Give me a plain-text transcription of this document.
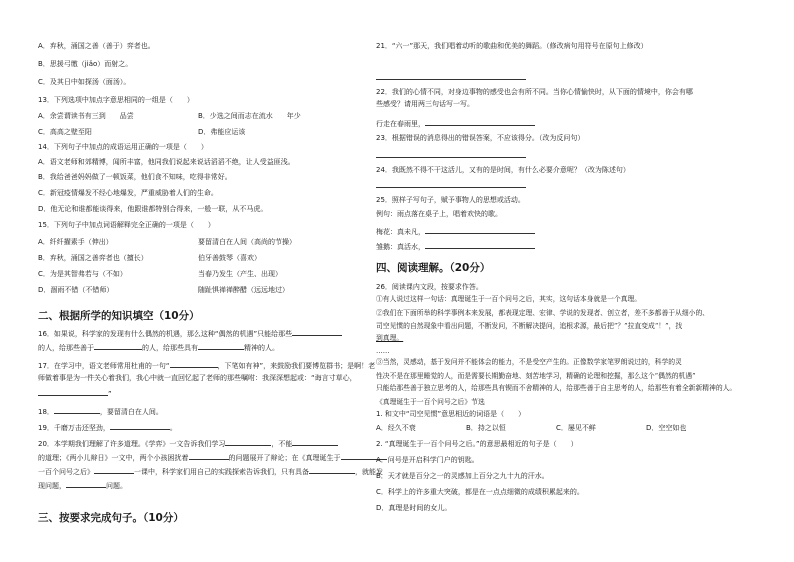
A．弃秋，涌国之善（善于）弈者也。
B．思援弓缴（jiǎo）而射之。
C．及其日中如探汤（面汤）。
13．下列选项中加点字意思相同的一组是（　　）
A．余尝谓读书有三到　　品尝	B．少选之间而志在流水　　年少
C．高高之壁至阳	D．弗能应运该
14．下列句子中加点的成语运用正确的一项是（　　）
A．语文老师和郊精博，闻所丰富，他同我们说起来说话滔滔不绝，让人受益匪浅。
B．我给爸爸妈妈做了一顿饭菜，他们食不知味，吃得非常好。
C．新冠疫情爆发不经心地爆发，严重威胁着人们的生命。
D．他无论和谁都能谈得来，他跟谁都特别合得来，一般一联，从不马虎。
15．下列句子中加点词语解释完全正确的一项是（　　）
A．纤纤擢素手（伸出）	要留清白在人间（高尚的节操）
B．弃秋，涌国之善弈者也（擅长）	伯牙善鼓琴（喜欢）
C．为是其智弗若与（不如）	当春乃发生（产生、出现）
D．涸雨不错（不错师）	随趾惧禅禅醉醋（远远地过）
二、根据所学的知识填空（10分）
16．如果说，科学家的发现有什么偶然的机遇，那么这种“偶然的机遇”只能给那些
的人，给那些善于	的人，给那些具有	精神的人。
17．在学习中，语文老师常用杜甫的一句“	，下笔如有神”，来鼓励我们要博览群书；是啊！老
师做着事是为一件关心着我们，我心中就一直回忆起了老师的那些嘱咐：我深深想起或：“诲言寸草心，
”
18．	，要留清白在人间。
19．千磨万击还坚劲，	。
20．本学期我们理解了许多道理。《学弈》一文告诉我们学习	，不能
的道理；《两小儿辩日》一文中，两个小孩困扰着	的问题展开了辩论；在《真理诞生于
一百个问号之后》	一课中，科学家们用自己的实践探索告诉我们，只有具备	，就能发
现问题，	问题。
三、按要求完成句子。（10分）
21．“六一”那天，我们唱着动听的歌曲和优美的舞蹈。（修改病句用符号在原句上修改）
22．我们的心情不同，对身边事物的感受也会有所不同。当你心情愉快时，从下面的情境中，你会有哪
些感受？请用两三句话写一写。
行走在春雨里，
23．根据错误的消息得出的错误答案，不应该得分。（改为反问句）
24．我既然不得不干这活儿，又有的是时间，有什么必要介意呢？（改为陈述句）
25．照样子写句子，赋予事物人的思想或活动。
例句：雨点落在桌子上，唱着欢快的歌。
梅花：真未凡，
雏鹅：真活水，
四、阅读理解。（20分）
26．阅读课内文段，按要求作答。
①有人说过这样一句话：真理诞生于一百个问号之后，其实，这句话本身就是一个真理。
②我们在下面所举的科学事例本来发展，都表现定理、宏律、学说的发现者、创立者，差不多都善于从细小的、
司空见惯的自然现象中看出问题，不断发问，不断解决提问，追根求源，最后把“？”拉直变成“！”，找
到真理。
……
③当然，灵感动，基于发问并不能体会的能力，不是受空产生的。正像数学家笔罗朗说过的，科学的灵
性决不是在那里睡觉的人，而是需要长期勤奋地、刻苦地学习，精确的论理和挖掘，那么这个“偶然的机遇”
只能给那些善于独立思考的人，给那些具有锲而不舍精神的人，给那些善于自主思考的人，给那些有着全新新精神的人。
《真理诞生于一百个问号之后》节选
1. 和文中“司空见惯”意思相近的词语是（　　）
A．经久不衰	B．持之以恒	C．屡见不鲜	D．空空如也
2. “真理诞生于一百个问号之后。”的意思最相近的句子是（　　）
A．问号是开启科学门户的钥匙。
B．天才就是百分之一的灵感加上百分之九十九的汗水。
C．科学上的许多重大突破，都是在一点点细微的成绩积累起来的。
D．真理是时间的女儿。
